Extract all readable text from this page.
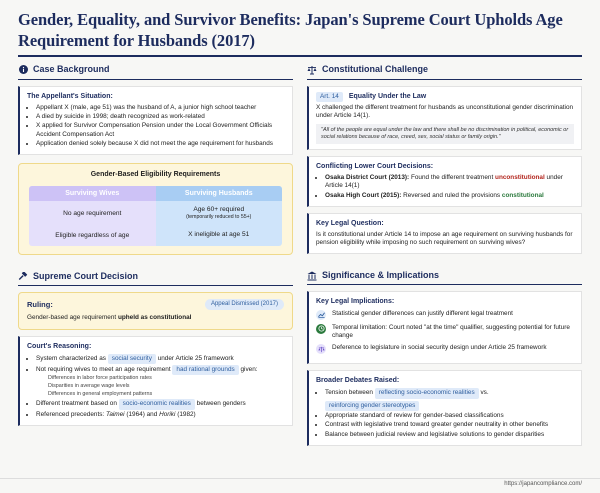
Gender, Equality, and Survivor Benefits: Japan's Supreme Court Upholds Age Requirement for Husbands (2017)
Case Background
The Appellant's Situation:
• Appellant X (male, age 51) was the husband of A, a junior high school teacher
• A died by suicide in 1998; death recognized as work-related
• X applied for Survivor Compensation Pension under the Local Government Officials Accident Compensation Act
• Application denied solely because X did not meet the age requirement for husbands
Gender-Based Eligibility Requirements
Surviving Wives
No age requirement
Eligible regardless of age
Surviving Husbands
Age 60+ required
(temporarily reduced to 55+)
X ineligible at age 51
Supreme Court Decision
Ruling:	Appeal Dismissed (2017)
Gender-based age requirement upheld as constitutional
Court's Reasoning:
• System characterized as social security under Article 25 framework
• Not requiring wives to meet an age requirement had rational grounds given:
Differences in labor force participation rates
Disparities in average wage levels
Differences in general employment patterns
• Different treatment based on socio-economic realities between genders
• Referenced precedents: Taimei (1964) and Horiki (1982)
Constitutional Challenge
Art. 14	Equality Under the Law
X challenged the different treatment for husbands as unconstitutional gender discrimination under Article 14(1).
"All of the people are equal under the law and there shall be no discrimination in political, economic or social relations because of race, creed, sex, social status or family origin."
Conflicting Lower Court Decisions:
• Osaka District Court (2013): Found the different treatment unconstitutional under Article 14(1)
• Osaka High Court (2015): Reversed and ruled the provisions constitutional
Key Legal Question:
Is it constitutional under Article 14 to impose an age requirement on surviving husbands for pension eligibility while imposing no such requirement on surviving wives?
Significance & Implications
Key Legal Implications:
Statistical gender differences can justify different legal treatment
Temporal limitation: Court noted "at the time" qualifier, suggesting potential for future change
Deference to legislature in social security design under Article 25 framework
Broader Debates Raised:
• Tension between reflecting socio-economic realities vs.
reinforcing gender stereotypes
• Appropriate standard of review for gender-based classifications
• Contrast with legislative trend toward greater gender neutrality in other benefits
• Balance between judicial review and legislative solutions to gender disparities
https://japancompliance.com/
